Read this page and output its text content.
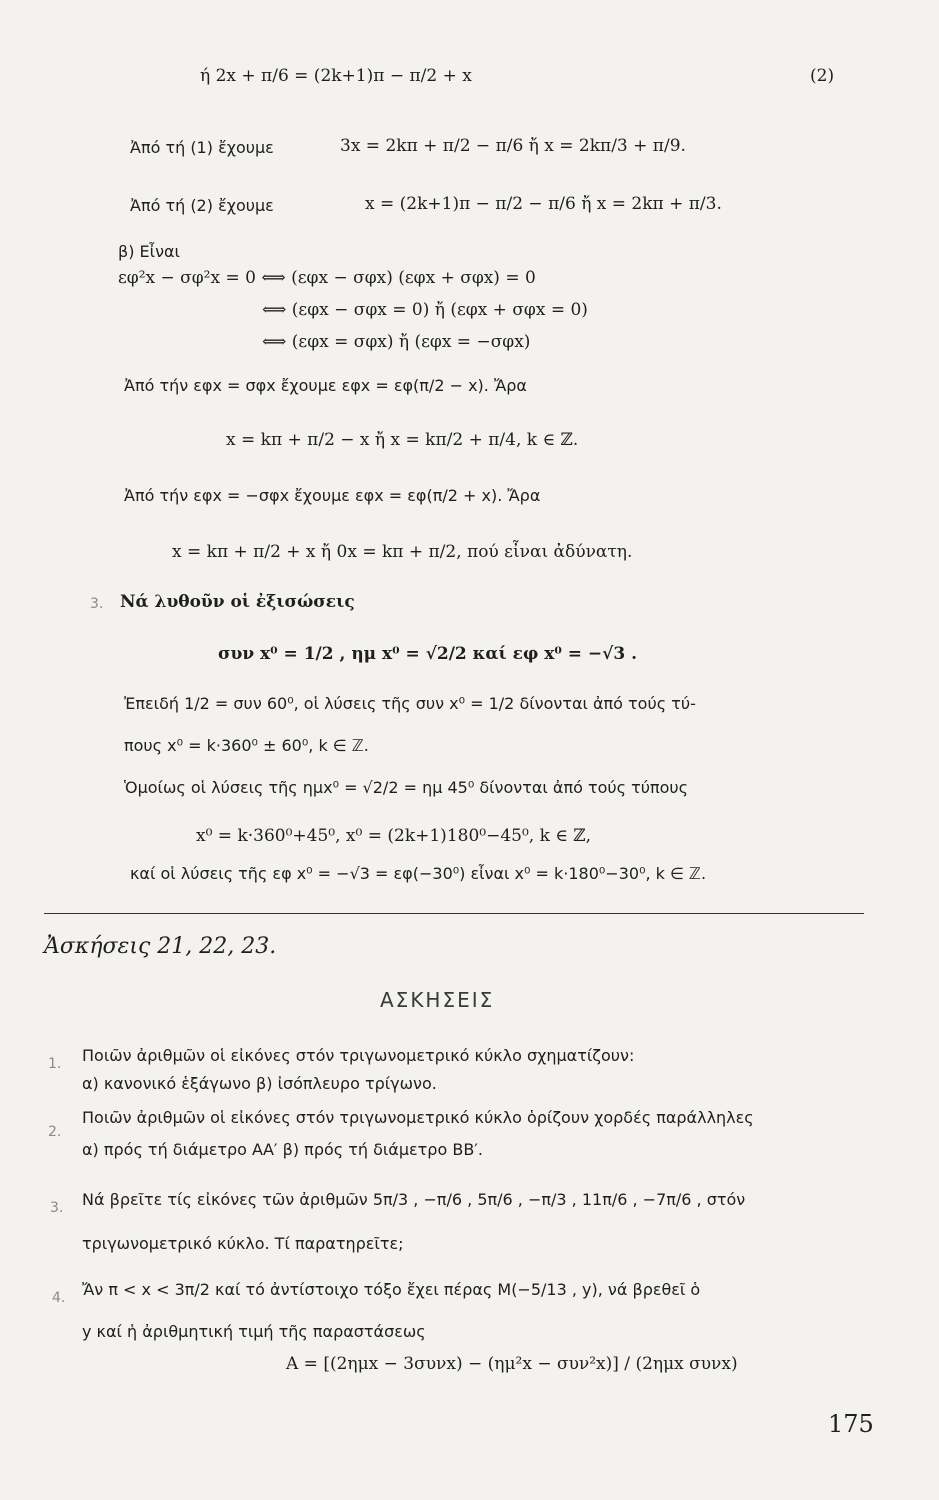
ή 2x + π/6 = (2k+1)π − π/2 + x	(2)
Ἀπό τή (1) ἔχουμε	3x = 2kπ + π/2 − π/6 ἤ x = 2kπ/3 + π/9.
Ἀπό τή (2) ἔχουμε	x = (2k+1)π − π/2 − π/6 ἤ x = 2kπ + π/3.
β) Εἶναι
εφ²x − σφ²x = 0 ⟺ (εφx − σφx) (εφx + σφx) = 0
⟺ (εφx − σφx = 0) ἤ (εφx + σφx = 0)
⟺ (εφx = σφx) ἤ (εφx = −σφx)
Ἀπό τήν εφx = σφx ἔχουμε εφx = εφ(π/2 − x). Ἄρα
x = kπ + π/2 − x ἤ x = kπ/2 + π/4, k ∈ ℤ.
Ἀπό τήν εφx = −σφx ἔχουμε εφx = εφ(π/2 + x). Ἄρα
x = kπ + π/2 + x ἤ 0x = kπ + π/2, πού εἶναι ἀδύνατη.
3. Νά λυθοῦν οἱ ἐξισώσεις
συν x⁰ = 1/2 , ημ x⁰ = √2/2 καί εφ x⁰ = −√3 .
Ἐπειδή 1/2 = συν 60⁰, οἱ λύσεις τῆς συν x⁰ = 1/2 δίνονται ἀπό τούς τύ-
πους x⁰ = k·360⁰ ± 60⁰, k ∈ ℤ.
Ὁμοίως οἱ λύσεις τῆς ημx⁰ = √2/2 = ημ 45⁰ δίνονται ἀπό τούς τύπους
x⁰ = k·360⁰+45⁰, x⁰ = (2k+1)180⁰−45⁰, k ∈ ℤ,
καί οἱ λύσεις τῆς εφ x⁰ = −√3 = εφ(−30⁰) εἶναι x⁰ = k·180⁰−30⁰, k ∈ ℤ.
Ἀσκήσεις 21, 22, 23.
ΑΣΚΗΣΕΙΣ
1. Ποιῶν ἀριθμῶν οἱ εἰκόνες στόν τριγωνομετρικό κύκλο σχηματίζουν:
α) κανονικό ἑξάγωνο β) ἰσόπλευρο τρίγωνο.
2.
Ποιῶν ἀριθμῶν οἱ εἰκόνες στόν τριγωνομετρικό κύκλο ὁρίζουν χορδές παράλληλες
α) πρός τή διάμετρο ΑΑ′ β) πρός τή διάμετρο ΒΒ′.
3. Νά βρεῖτε τίς εἰκόνες τῶν ἀριθμῶν 5π/3 , −π/6 , 5π/6 , −π/3 , 11π/6 , −7π/6 , στόν
τριγωνομετρικό κύκλο. Τί παρατηρεῖτε;
4. Ἄν π < x < 3π/2 καί τό ἀντίστοιχο τόξο ἔχει πέρας Μ(−5/13 , y), νά βρεθεῖ ὁ
y καί ἡ ἀριθμητική τιμή τῆς παραστάσεως
Α = [(2ημx − 3συνx) − (ημ²x − συν²x)] / (2ημx συνx)
175
